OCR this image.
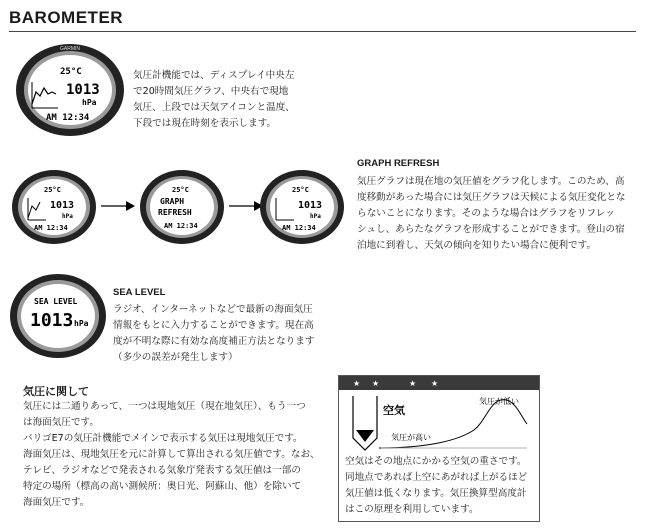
BAROMETER
GARMIN
25°C
1013
hPa
AM 12:34
気圧計機能では、ディスプレイ中央左
で20時間気圧グラフ、中央右で現地
気圧、上段では天気アイコンと温度、
下段では現在時刻を表示します。
GRAPH REFRESH
気圧グラフは現在地の気圧値をグラフ化します。このため、高
度移動があった場合には気圧グラフは天候による気圧変化とな
らないことになります。そのような場合はグラフをリフレッ
シュし、あらたなグラフを形成することができます。登山の宿
泊地に到着し、天気の傾向を知りたい場合に便利です。
25°C
1013
hPa
AM 12:34
25°C
GRAPH
REFRESH
AM 12:34
25°C
1013
hPa
AM 12:34
SEA LEVEL
1013 hPa
SEA LEVEL
ラジオ、インターネットなどで最新の海面気圧
情報をもとに入力することができます。現在高
度が不明な際に有効な高度補正方法となります
（多少の誤差が発生します）
気圧に関して
気圧には二通りあって、一つは現地気圧（現在地気圧）、もう一つ
は海面気圧です。
バリゴE7の気圧計機能でメインで表示する気圧は現地気圧です。
海面気圧は、現地気圧を元に計算して算出される気圧値です。なお、
テレビ、ラジオなどで発表される気象庁発表する気圧値は一部の
特定の場所（標高の高い測候所：奥日光、阿蘇山、他）を除いて
海面気圧です。
★ ★	★ ★
空気
気圧が高い
気圧が低い
空気はその地点にかかる空気の重さです。
同地点であれば上空にあがれば上がるほど
気圧値は低くなります。気圧換算型高度計
はこの原理を利用しています。
